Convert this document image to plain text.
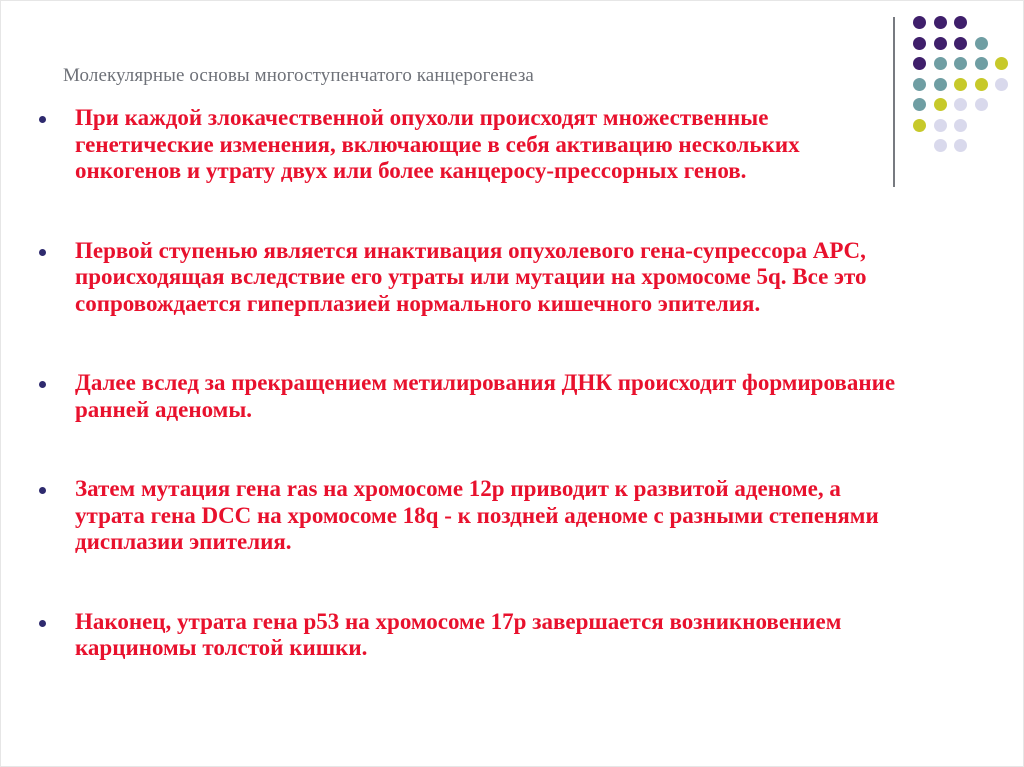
Молекулярные основы многоступенчатого канцерогенеза
При каждой злокачественной опухоли происходят множественные генетические изменения, включающие в себя активацию нескольких онкогенов и утрату двух или более канцеросу-прессорных генов.
Первой ступенью является инактивация опухолевого гена-супрессора APC, происходящая вследствие его утраты или мутации на хромосоме 5q. Все это сопровождается гиперплазией нормального кишечного эпителия.
Далее вслед за прекращением метилирования ДНК происходит формирование ранней аденомы.
Затем мутация гена ras на хромосоме 12p приводит к развитой аденоме, а утрата гена DCC на хромосоме 18q - к поздней аденоме с разными степенями дисплазии эпителия.
Наконец, утрата гена p53 на хромосоме 17p завершается возникновением карциномы толстой кишки.
